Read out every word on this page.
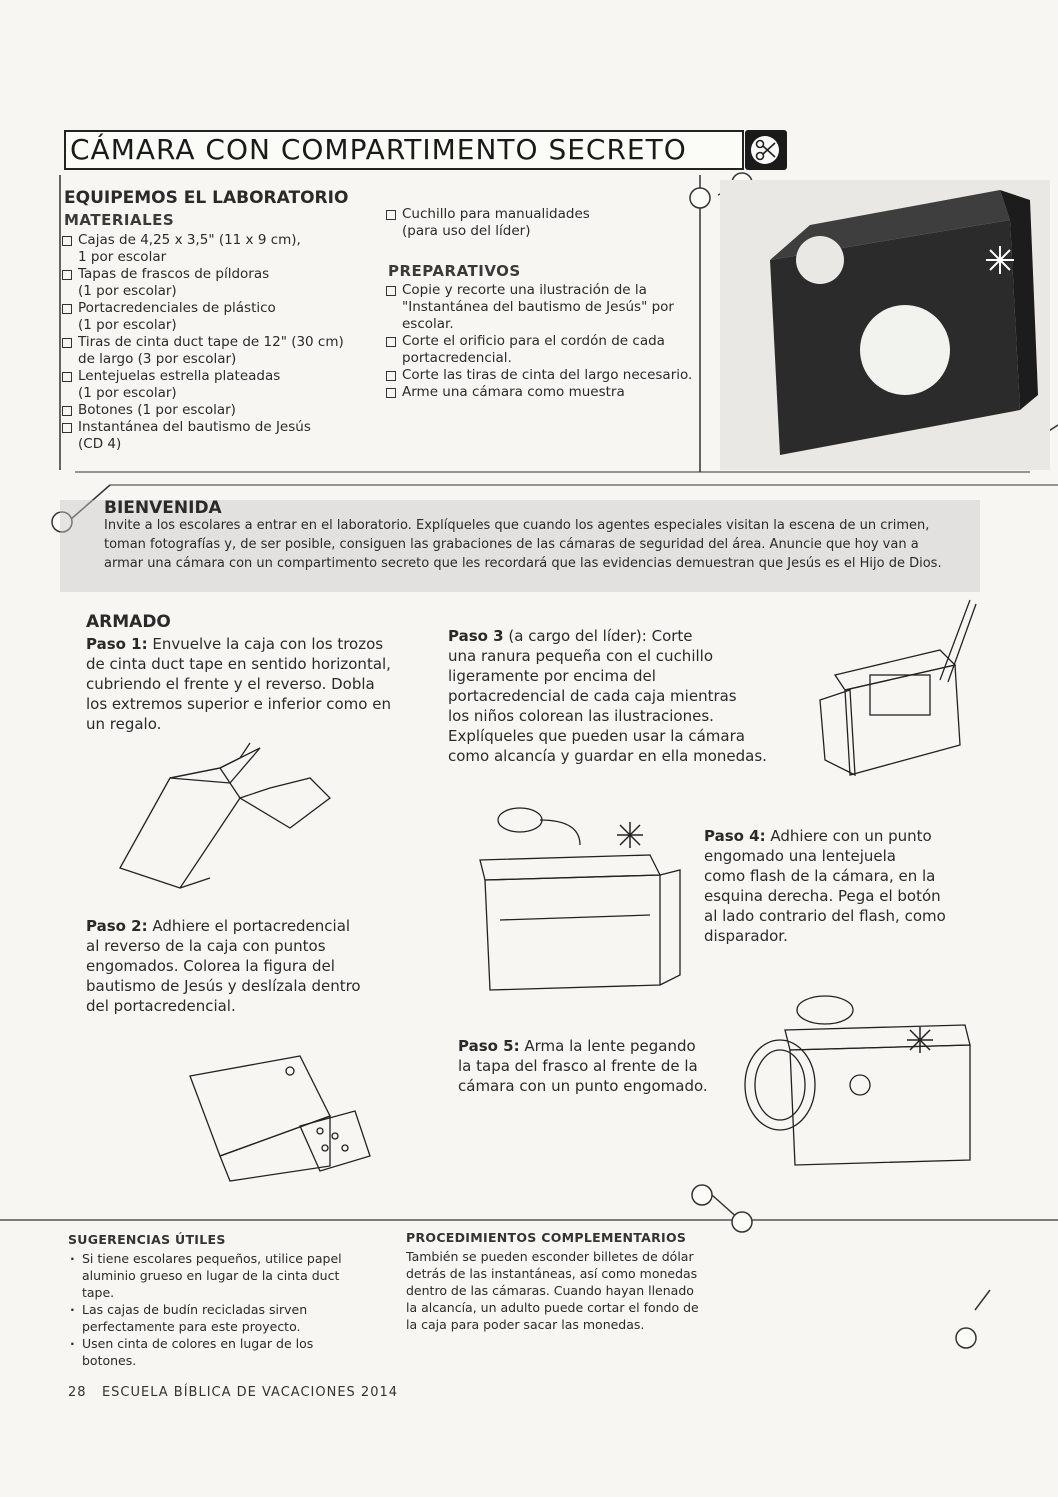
CÁMARA CON COMPARTIMENTO SECRETO
EQUIPEMOS EL LABORATORIO
MATERIALES
Cajas de 4,25 x 3,5" (11 x 9 cm),
1 por escolar
Tapas de frascos de píldoras
(1 por escolar)
Portacredenciales de plástico
(1 por escolar)
Tiras de cinta duct tape de 12" (30 cm)
de largo (3 por escolar)
Lentejuelas estrella plateadas
(1 por escolar)
Botones (1 por escolar)
Instantánea del bautismo de Jesús
(CD 4)
Cuchillo para manualidades
(para uso del líder)
PREPARATIVOS
Copie y recorte una ilustración de la
"Instantánea del bautismo de Jesús" por
escolar.
Corte el orificio para el cordón de cada
portacredencial.
Corte las tiras de cinta del largo necesario.
Arme una cámara como muestra
BIENVENIDA
Invite a los escolares a entrar en el laboratorio. Explíqueles que cuando los agentes especiales visitan la escena de un crimen,
toman fotografías y, de ser posible, consiguen las grabaciones de las cámaras de seguridad del área. Anuncie que hoy van a
armar una cámara con un compartimento secreto que les recordará que las evidencias demuestran que Jesús es el Hijo de Dios.
ARMADO
Paso 1: Envuelve la caja con los trozos
de cinta duct tape en sentido horizontal,
cubriendo el frente y el reverso. Dobla
los extremos superior e inferior como en
un regalo.
Paso 3 (a cargo del líder): Corte
una ranura pequeña con el cuchillo
ligeramente por encima del
portacredencial de cada caja mientras
los niños colorean las ilustraciones.
Explíqueles que pueden usar la cámara
como alcancía y guardar en ella monedas.
Paso 4: Adhiere con un punto
engomado una lentejuela
como flash de la cámara, en la
esquina derecha. Pega el botón
al lado contrario del flash, como
disparador.
Paso 2: Adhiere el portacredencial
al reverso de la caja con puntos
engomados. Colorea la figura del
bautismo de Jesús y deslízala dentro
del portacredencial.
Paso 5: Arma la lente pegando
la tapa del frasco al frente de la
cámara con un punto engomado.
SUGERENCIAS ÚTILES
· Si tiene escolares pequeños, utilice papel
aluminio grueso en lugar de la cinta duct
tape.
· Las cajas de budín recicladas sirven
perfectamente para este proyecto.
· Usen cinta de colores en lugar de los
botones.
PROCEDIMIENTOS COMPLEMENTARIOS
También se pueden esconder billetes de dólar
detrás de las instantáneas, así como monedas
dentro de las cámaras. Cuando hayan llenado
la alcancía, un adulto puede cortar el fondo de
la caja para poder sacar las monedas.
28 ESCUELA BÍBLICA DE VACACIONES 2014
